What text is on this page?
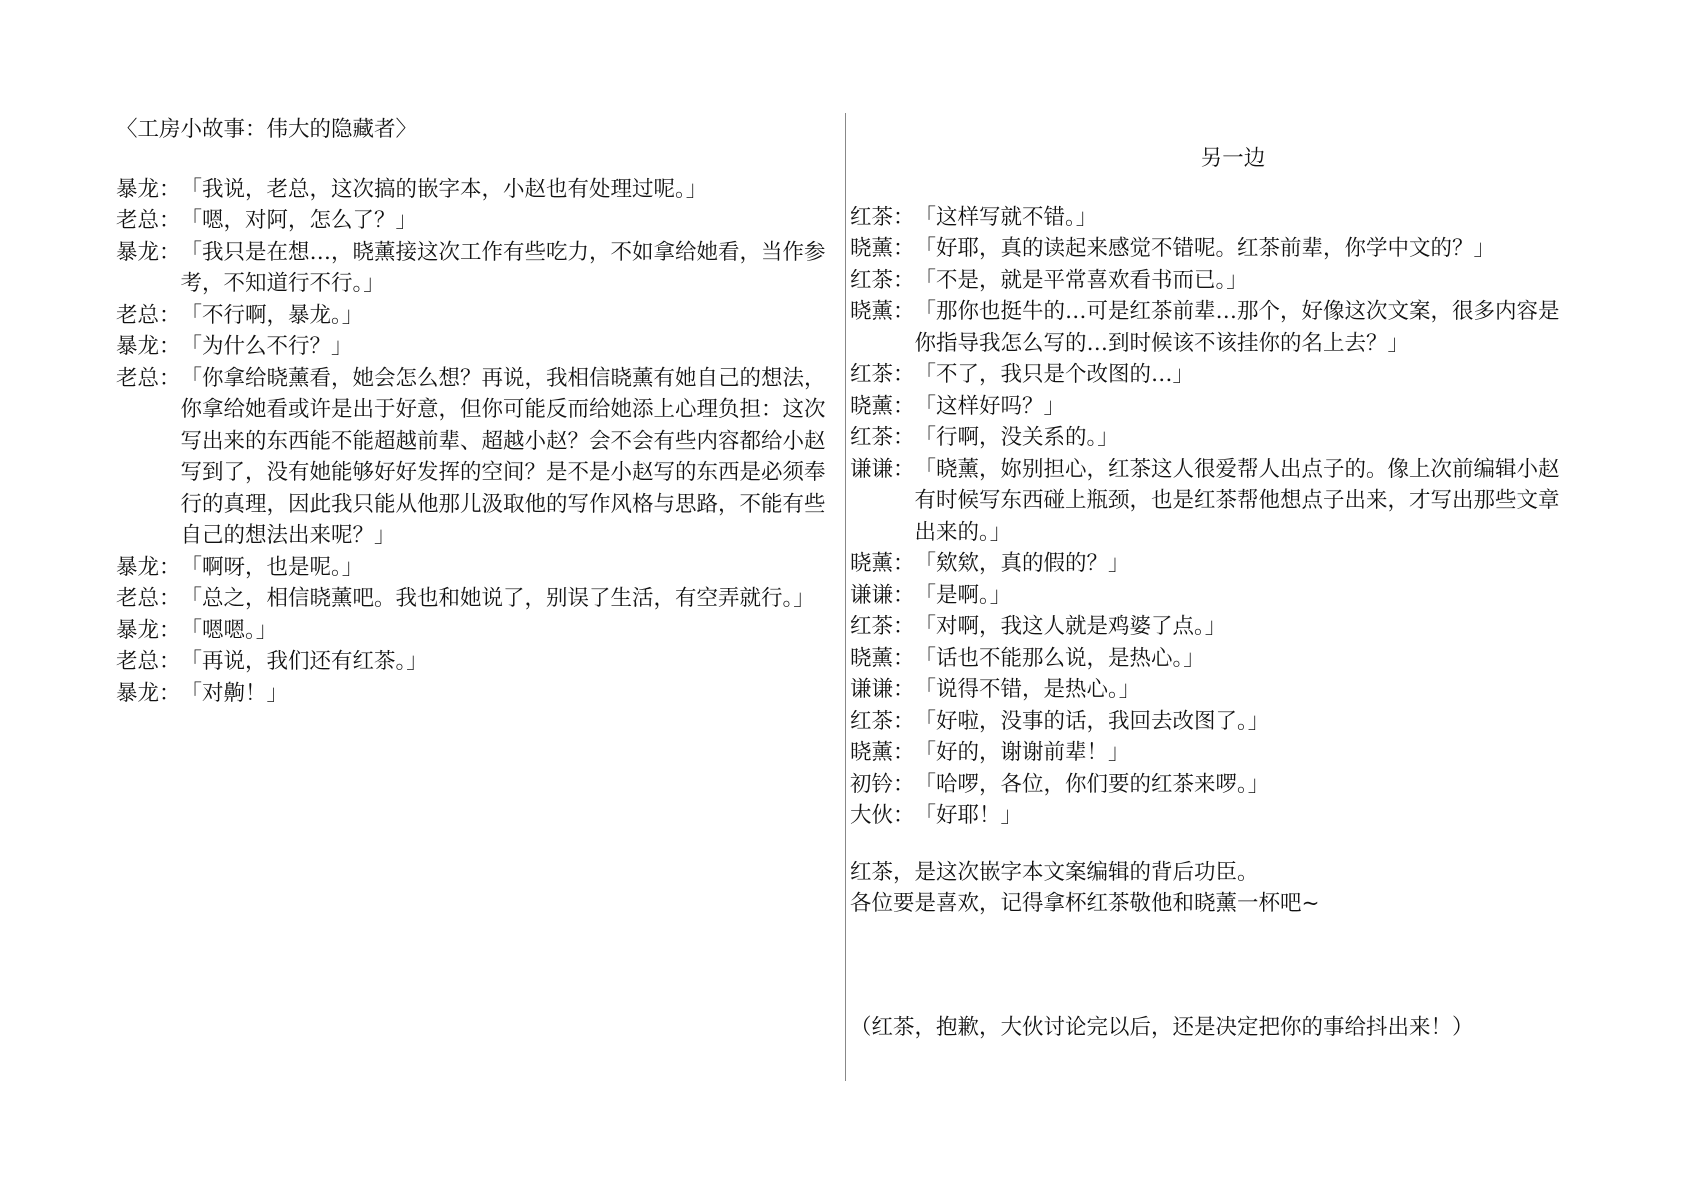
〈工房小故事：伟大的隐藏者〉
暴龙： 「我说，老总，这次搞的嵌字本，小赵也有处理过呢。」
老总： 「嗯，对阿，怎么了？」
暴龙： 「我只是在想…，晓薰接这次工作有些吃力，不如拿给她看，当作参考，不知道行不行。」
老总： 「不行啊，暴龙。」
暴龙： 「为什么不行？」
老总： 「你拿给晓薰看，她会怎么想？再说，我相信晓薰有她自己的想法，你拿给她看或许是出于好意，但你可能反而给她添上心理负担：这次写出来的东西能不能超越前辈、超越小赵？会不会有些内容都给小赵写到了，没有她能够好好发挥的空间？是不是小赵写的东西是必须奉行的真理，因此我只能从他那儿汲取他的写作风格与思路，不能有些自己的想法出来呢？」
暴龙： 「啊呀，也是呢。」
老总： 「总之，相信晓薰吧。我也和她说了，别误了生活，有空弄就行。」
暴龙： 「嗯嗯。」
老总： 「再说，我们还有红茶。」
暴龙： 「对齁！」
另一边
红茶： 「这样写就不错。」
晓薰： 「好耶，真的读起来感觉不错呢。红茶前辈，你学中文的？」
红茶： 「不是，就是平常喜欢看书而已。」
晓薰： 「那你也挺牛的…可是红茶前辈…那个，好像这次文案，很多内容是你指导我怎么写的…到时候该不该挂你的名上去？」
红茶： 「不了，我只是个改图的…」
晓薰： 「这样好吗？」
红茶： 「行啊，没关系的。」
谦谦： 「晓薰，妳别担心，红茶这人很爱帮人出点子的。像上次前编辑小赵有时候写东西碰上瓶颈，也是红茶帮他想点子出来，才写出那些文章出来的。」
晓薰： 「欸欸，真的假的？」
谦谦： 「是啊。」
红茶： 「对啊，我这人就是鸡婆了点。」
晓薰： 「话也不能那么说，是热心。」
谦谦： 「说得不错，是热心。」
红茶： 「好啦，没事的话，我回去改图了。」
晓薰： 「好的，谢谢前辈！」
初钤： 「哈啰，各位，你们要的红茶来啰。」
大伙： 「好耶！」
红茶，是这次嵌字本文案编辑的背后功臣。
各位要是喜欢，记得拿杯红茶敬他和晓薰一杯吧~
（红茶，抱歉，大伙讨论完以后，还是决定把你的事给抖出来！）
